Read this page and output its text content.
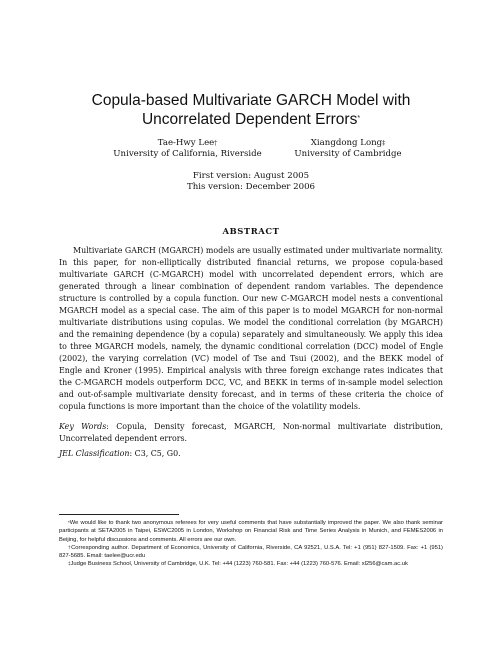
Copula-based Multivariate GARCH Model with
Uncorrelated Dependent Errors*
Tae-Hwy Lee†
University of California, Riverside
Xiangdong Long‡
University of Cambridge
First version: August 2005
This version: December 2006
ABSTRACT

Multivariate GARCH (MGARCH) models are usually estimated under multivariate normality. In this paper, for non-elliptically distributed financial returns, we propose copula-based multivariate GARCH (C-MGARCH) model with uncorrelated dependent errors, which are generated through a linear combination of dependent random variables. The dependence structure is controlled by a copula function. Our new C-MGARCH model nests a conventional MGARCH model as a special case. The aim of this paper is to model MGARCH for non-normal multivariate distributions using copulas. We model the conditional correlation (by MGARCH) and the remaining dependence (by a copula) separately and simultaneously. We apply this idea to three MGARCH models, namely, the dynamic conditional correlation (DCC) model of Engle (2002), the varying correlation (VC) model of Tse and Tsui (2002), and the BEKK model of Engle and Kroner (1995). Empirical analysis with three foreign exchange rates indicates that the C-MGARCH models outperform DCC, VC, and BEKK in terms of in-sample model selection and out-of-sample multivariate density forecast, and in terms of these criteria the choice of copula functions is more important than the choice of the volatility models.

Key Words: Copula, Density forecast, MGARCH, Non-normal multivariate distribution, Uncorrelated dependent errors.

JEL Classification: C3, C5, G0.

*We would like to thank two anonymous referees for very useful comments that have substantially improved the paper. We also thank seminar participants at SETA2005 in Taipei, ESWC2005 in London, Workshop on Financial Risk and Time Series Analysis in Munich, and FEMES2006 in Beijing, for helpful discussions and comments. All errors are our own.

†Corresponding author. Department of Economics, University of California, Riverside, CA 92521, U.S.A. Tel: +1 (951) 827-1509. Fax: +1 (951) 827-5685. Email: taelee@ucr.edu

‡Judge Business School, University of Cambridge, U.K. Tel: +44 (1223) 760-581. Fax: +44 (1223) 760-576. Email: xl256@cam.ac.uk
